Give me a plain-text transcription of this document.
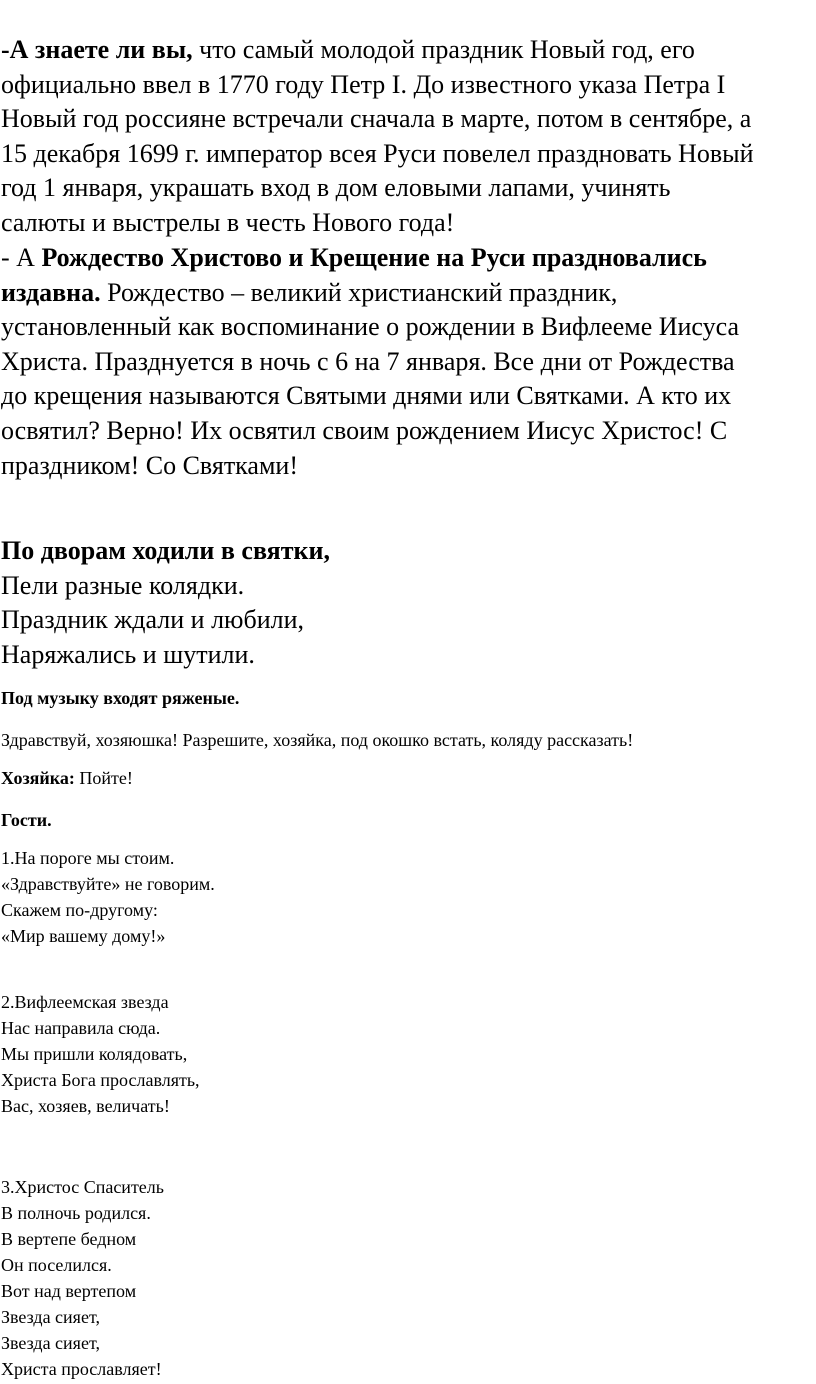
-А знаете ли вы, что самый молодой праздник Новый год, его
официально ввел в 1770 году Петр I. До известного указа Петра I
Новый год россияне встречали сначала в марте, потом в сентябре, а
15 декабря 1699 г. император всея Руси повелел праздновать Новый
год 1 января, украшать вход в дом еловыми лапами, учинять
салюты и выстрелы в честь Нового года!
- А Рождество Христово и Крещение на Руси праздновались
издавна. Рождество – великий христианский праздник,
установленный как воспоминание о рождении в Вифлееме Иисуса
Христа. Празднуется в ночь с 6 на 7 января. Все дни от Рождества
до крещения называются Святыми днями или Святками. А кто их
освятил? Верно! Их освятил своим рождением Иисус Христос! С
праздником! Со Святками!
По дворам ходили в святки,
Пели разные колядки.
Праздник ждали и любили,
Наряжались и шутили.

Под музыку входят ряженые.

Здравствуй, хозяюшка! Разрешите, хозяйка, под окошко встать, коляду рассказать!

Хозяйка: Пойте!

Гости.

1.На пороге мы стоим.
«Здравствуйте» не говорим.
Скажем по-другому:
«Мир вашему дому!»
2.Вифлеемская звезда
Нас направила сюда.
Мы пришли колядовать,
Христа Бога прославлять,
Вас, хозяев, величать!
3.Христос Спаситель
В полночь родился.
В вертепе бедном
Он поселился.
Вот над вертепом
Звезда сияет,
Звезда сияет,
Христа прославляет!
